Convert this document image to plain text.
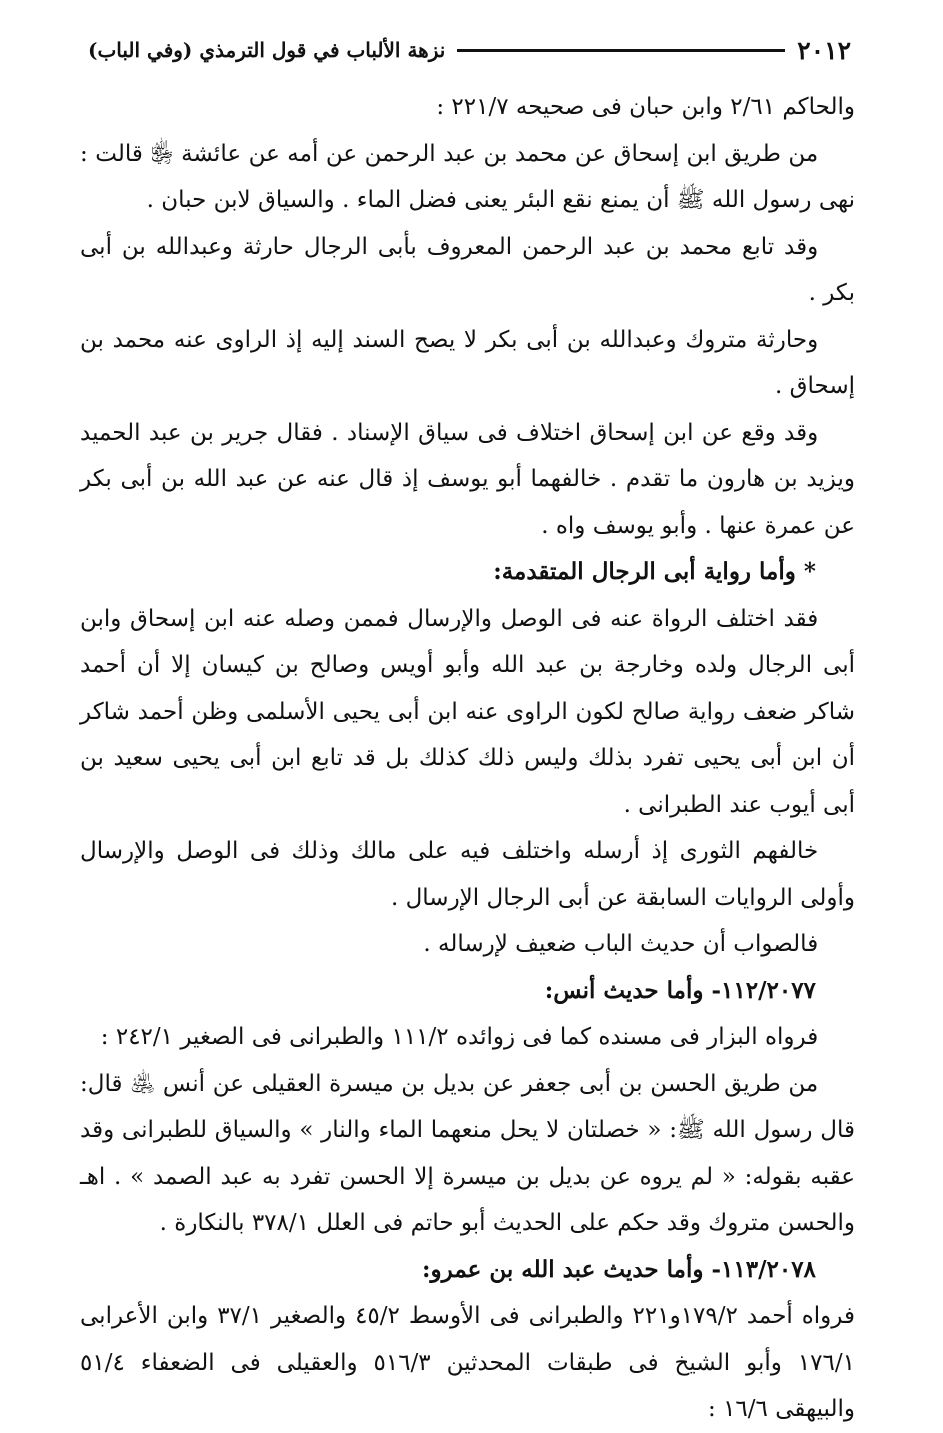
٢٠١٢
نزهة الألباب في قول الترمذي (وفي الباب)

والحاكم ٢/٦١ وابن حبان فى صحيحه ٢٢١/٧ :

من طريق ابن إسحاق عن محمد بن عبد الرحمن عن أمه عن عائشة ﵂ قالت : نهى رسول الله ﷺ أن يمنع نقع البئر يعنى فضل الماء . والسياق لابن حبان .

وقد تابع محمد بن عبد الرحمن المعروف بأبى الرجال حارثة وعبدالله بن أبى بكر .

وحارثة متروك وعبدالله بن أبى بكر لا يصح السند إليه إذ الراوى عنه محمد بن إسحاق .

وقد وقع عن ابن إسحاق اختلاف فى سياق الإسناد . فقال جرير بن عبد الحميد ويزيد بن هارون ما تقدم . خالفهما أبو يوسف إذ قال عنه عن عبد الله بن أبى بكر عن عمرة عنها . وأبو يوسف واه .

* وأما رواية أبى الرجال المتقدمة:

فقد اختلف الرواة عنه فى الوصل والإرسال فممن وصله عنه ابن إسحاق وابن أبى الرجال ولده وخارجة بن عبد الله وأبو أويس وصالح بن كيسان إلا أن أحمد شاكر ضعف رواية صالح لكون الراوى عنه ابن أبى يحيى الأسلمى وظن أحمد شاكر أن ابن أبى يحيى تفرد بذلك وليس ذلك كذلك بل قد تابع ابن أبى يحيى سعيد بن أبى أيوب عند الطبرانى .

خالفهم الثورى إذ أرسله واختلف فيه على مالك وذلك فى الوصل والإرسال وأولى الروايات السابقة عن أبى الرجال الإرسال .

فالصواب أن حديث الباب ضعيف لإرساله .

١١٢/٢٠٧٧- وأما حديث أنس:

فرواه البزار فى مسنده كما فى زوائده ١١١/٢ والطبرانى فى الصغير ٢٤٢/١ :

من طريق الحسن بن أبى جعفر عن بديل بن ميسرة العقيلى عن أنس ﵁ قال: قال رسول الله ﷺ: « خصلتان لا يحل منعهما الماء والنار » والسياق للطبرانى وقد عقبه بقوله: « لم يروه عن بديل بن ميسرة إلا الحسن تفرد به عبد الصمد » . اهـ والحسن متروك وقد حكم على الحديث أبو حاتم فى العلل ٣٧٨/١ بالنكارة .

١١٣/٢٠٧٨- وأما حديث عبد الله بن عمرو:

فرواه أحمد ١٧٩/٢و٢٢١ والطبرانى فى الأوسط ٤٥/٢ والصغير ٣٧/١ وابن الأعرابى ١٧٦/١ وأبو الشيخ فى طبقات المحدثين ٥١٦/٣ والعقيلى فى الضعفاء ٥١/٤ والبيهقى ١٦/٦ :
